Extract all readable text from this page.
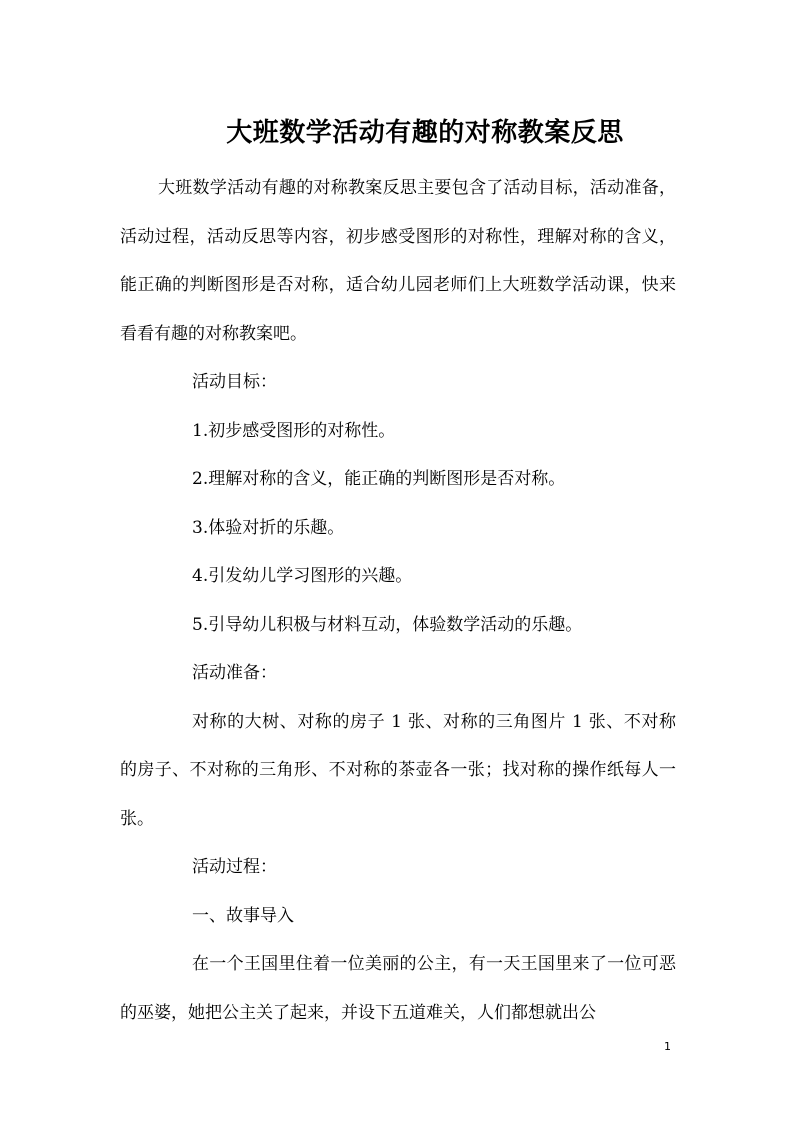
大班数学活动有趣的对称教案反思

大班数学活动有趣的对称教案反思主要包含了活动目标，活动准备，活动过程，活动反思等内容，初步感受图形的对称性，理解对称的含义，能正确的判断图形是否对称，适合幼儿园老师们上大班数学活动课，快来看看有趣的对称教案吧。

活动目标：

1.初步感受图形的对称性。

2.理解对称的含义，能正确的判断图形是否对称。

3.体验对折的乐趣。

4.引发幼儿学习图形的兴趣。

5.引导幼儿积极与材料互动，体验数学活动的乐趣。

活动准备：

对称的大树、对称的房子 1 张、对称的三角图片 1 张、不对称的房子、不对称的三角形、不对称的茶壶各一张；找对称的操作纸每人一张。

活动过程：

一、故事导入

在一个王国里住着一位美丽的公主，有一天王国里来了一位可恶的巫婆，她把公主关了起来，并设下五道难关，人们都想就出公

1
